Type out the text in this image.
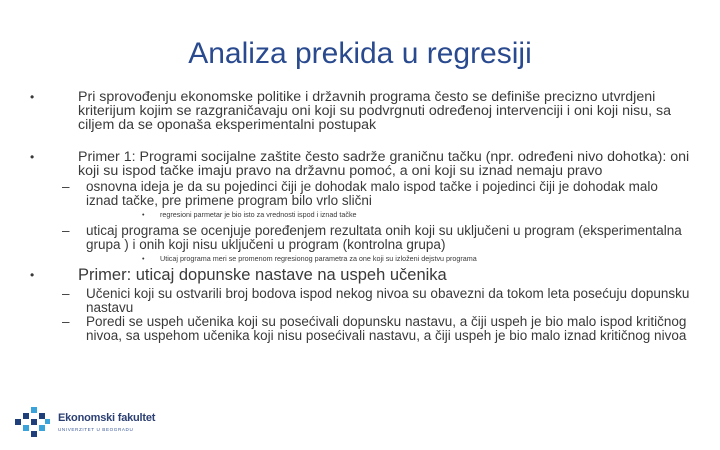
Analiza prekida u regresiji
•	Pri sprovođenju ekonomske politike i državnih programa često se definiše precizno utvrdjeni kriterijum kojim se razgraničavaju oni koji su podvrgnuti određenoj intervenciji i oni koji nisu, sa ciljem da se oponaša eksperimentalni postupak
•	Primer 1: Programi socijalne zaštite često sadrže graničnu tačku (npr. određeni nivo dohotka): oni koji su ispod tačke imaju pravo na državnu pomoć, a oni koji su iznad nemaju pravo
– osnovna ideja je da su pojedinci čiji je dohodak malo ispod tačke i pojedinci čiji je dohodak malo iznad tačke, pre primene program bilo vrlo slični
• regresioni parmetar je bio isto za vrednosti ispod i iznad tačke
– uticaj programa se ocenjuje poređenjem rezultata onih koji su uključeni u program (eksperimentalna grupa ) i onih koji nisu uključeni u program (kontrolna grupa)
• Uticaj programa meri se promenom regresionog parametra za one koji su izloženi dejstvu programa
•	Primer: uticaj dopunske nastave na uspeh učenika
– Učenici koji su ostvarili broj bodova ispod nekog nivoa su obavezni da tokom leta posećuju dopunsku nastavu
– Poredi se uspeh učenika koji su posećivali dopunsku nastavu, a čiji uspeh je bio malo ispod kritičnog nivoa, sa uspehom učenika koji nisu posećivali nastavu, a čiji uspeh je bio malo iznad kritičnog nivoa
Ekonomski fakultet
UNIVERZITET U BEOGRADU
